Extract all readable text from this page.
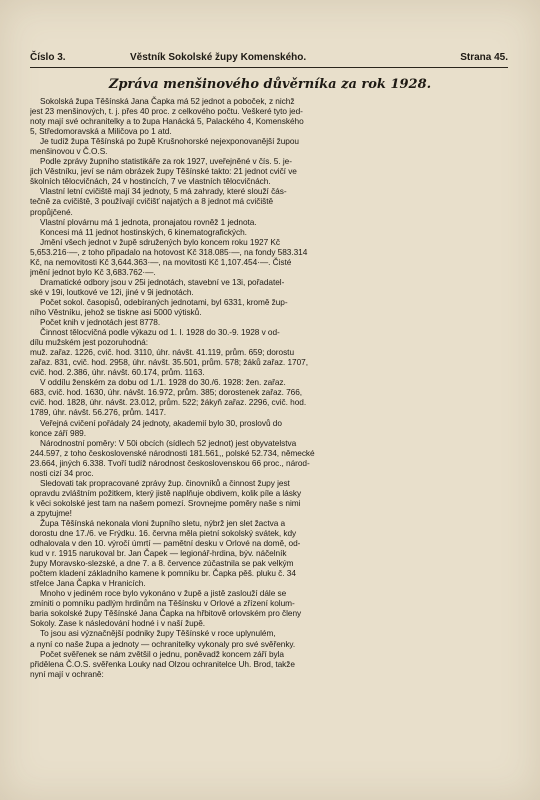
Číslo 3.	Věstník Sokolské župy Komenského.	Strana 45.
Zpráva menšinového důvěrníka za rok 1928.
Sokolská župa Těšínská Jana Čapka má 52 jednot a poboček, z nichž
jest 23 menšinových, t. j. přes 40 proc. z celkového počtu. Veškeré tyto jed-
noty mají své ochranitelky a to župa Hanácká 5, Palackého 4, Komenského
5, Středomoravská a Miličova po 1 atd.
Je tudíž župa Těšínská po župě Krušnohorské nejexponovanější župou
menšinovou v Č.O.S.
Podle zprávy župního statistikáře za rok 1927, uveřejněné v čís. 5. je-
jich Věstníku, jeví se nám obrázek župy Těšínské takto: 21 jednot cvičí ve
školních tělocvičnách, 24 v hostincích, 7 ve vlastních tělocvičnách.
Vlastní letní cvičiště mají 34 jednoty, 5 má zahrady, které slouží čás-
tečně za cvičiště, 3 používají cvičišť najatých a 8 jednot má cvičiště
propůjčené.
Vlastní plovárnu má 1 jednota, pronajatou rovněž 1 jednota.
Koncesi má 11 jednot hostinských, 6 kinematografických.
Jmění všech jednot v župě sdružených bylo koncem roku 1927 Kč
5,653.216·—, z toho připadalo na hotovost Kč 318.085·—, na fondy 583.314
Kč, na nemovitosti Kč 3,644.363·—, na movitosti Kč 1,107.454·—. Čisté
jmění jednot bylo Kč 3,683.762·—.
Dramatické odbory jsou v 25i jednotách, stavební ve 13i, pořadatel-
ské v 19i, loutkové ve 12i, jiné v 9i jednotách.
Počet sokol. časopisů, odebíraných jednotami, byl 6331, kromě žup-
ního Věstníku, jehož se tiskne asi 5000 výtisků.
Počet knih v jednotách jest 8778.
Činnost tělocvičná podle výkazu od 1. I. 1928 do 30.-9. 1928 v od-
dílu mužském jest pozoruhodná:
muž. zařaz. 1226, cvič. hod. 3110, úhr. návšt. 41.119, prům. 659; dorostu
zařaz. 831, cvič. hod. 2958, úhr. návšt. 35.501, prům. 578; žáků zařaz. 1707,
cvič. hod. 2.386, úhr. návšt. 60.174, prům. 1163.
V oddílu ženském za dobu od 1./1. 1928 do 30./6. 1928: žen. zařaz.
683, cvič. hod. 1630, úhr. návšt. 16.972, prům. 385; dorostenek zařaz. 766,
cvič. hod. 1828, úhr. návšt. 23.012, prům. 522; žákyň zařaz. 2296, cvič. hod.
1789, úhr. návšt. 56.276, prům. 1417.
Veřejná cvičení pořádaly 24 jednoty, akademií bylo 30, proslovů do
konce září 989.
Národnostní poměry: V 50i obcích (sídlech 52 jednot) jest obyvatelstva
244.597, z toho československé národnosti 181.561,, polské 52.734, německé
23.664, jiných 6.338. Tvoří tudíž národnost československou 66 proc., národ-
nosti cizí 34 proc.
Sledovati tak propracované zprávy žup. činovníků a činnost župy jest
opravdu zvláštním požitkem, který jistě naplňuje obdivem, kolik píle a lásky
k věci sokolské jest tam na našem pomezí. Srovnejme poměry naše s nimi
a zpytujme!
Župa Těšínská nekonala vloni župního sletu, nýbrž jen slet žactva a
dorostu dne 17./6. ve Frýdku. 16. června měla pietní sokolský svátek, kdy
odhalovala v den 10. výročí úmrtí — pamětní desku v Orlové na domě, od-
kud v r. 1915 narukoval br. Jan Čapek — legionář-hrdina, býv. náčelník
župy Moravsko-slezské, a dne 7. a 8. července zúčastnila se pak velkým
počtem kladení základního kamene k pomníku br. Čapka pěš. pluku č. 34
střelce Jana Čapka v Hranicích.
Mnoho v jediném roce bylo vykonáno v župě a jistě zaslouží dále se
zmíniti o pomníku padlým hrdinům na Těšínsku v Orlové a zřízení kolum-
baria sokolské župy Těšínské Jana Čapka na hřbitově orlovském pro členy
Sokoly. Zase k následování hodné i v naší župě.
To jsou asi význačnější podniky župy Těšínské v roce uplynulém,
a nyní co naše župa a jednoty — ochranitelky vykonaly pro své svěřenky.
Počet svěřenek se nám zvětšil o jednu, poněvadž koncem září byla
přidělena Č.O.S. svěřenka Louky nad Olzou ochranitelce Uh. Brod, takže
nyní mají v ochraně:
